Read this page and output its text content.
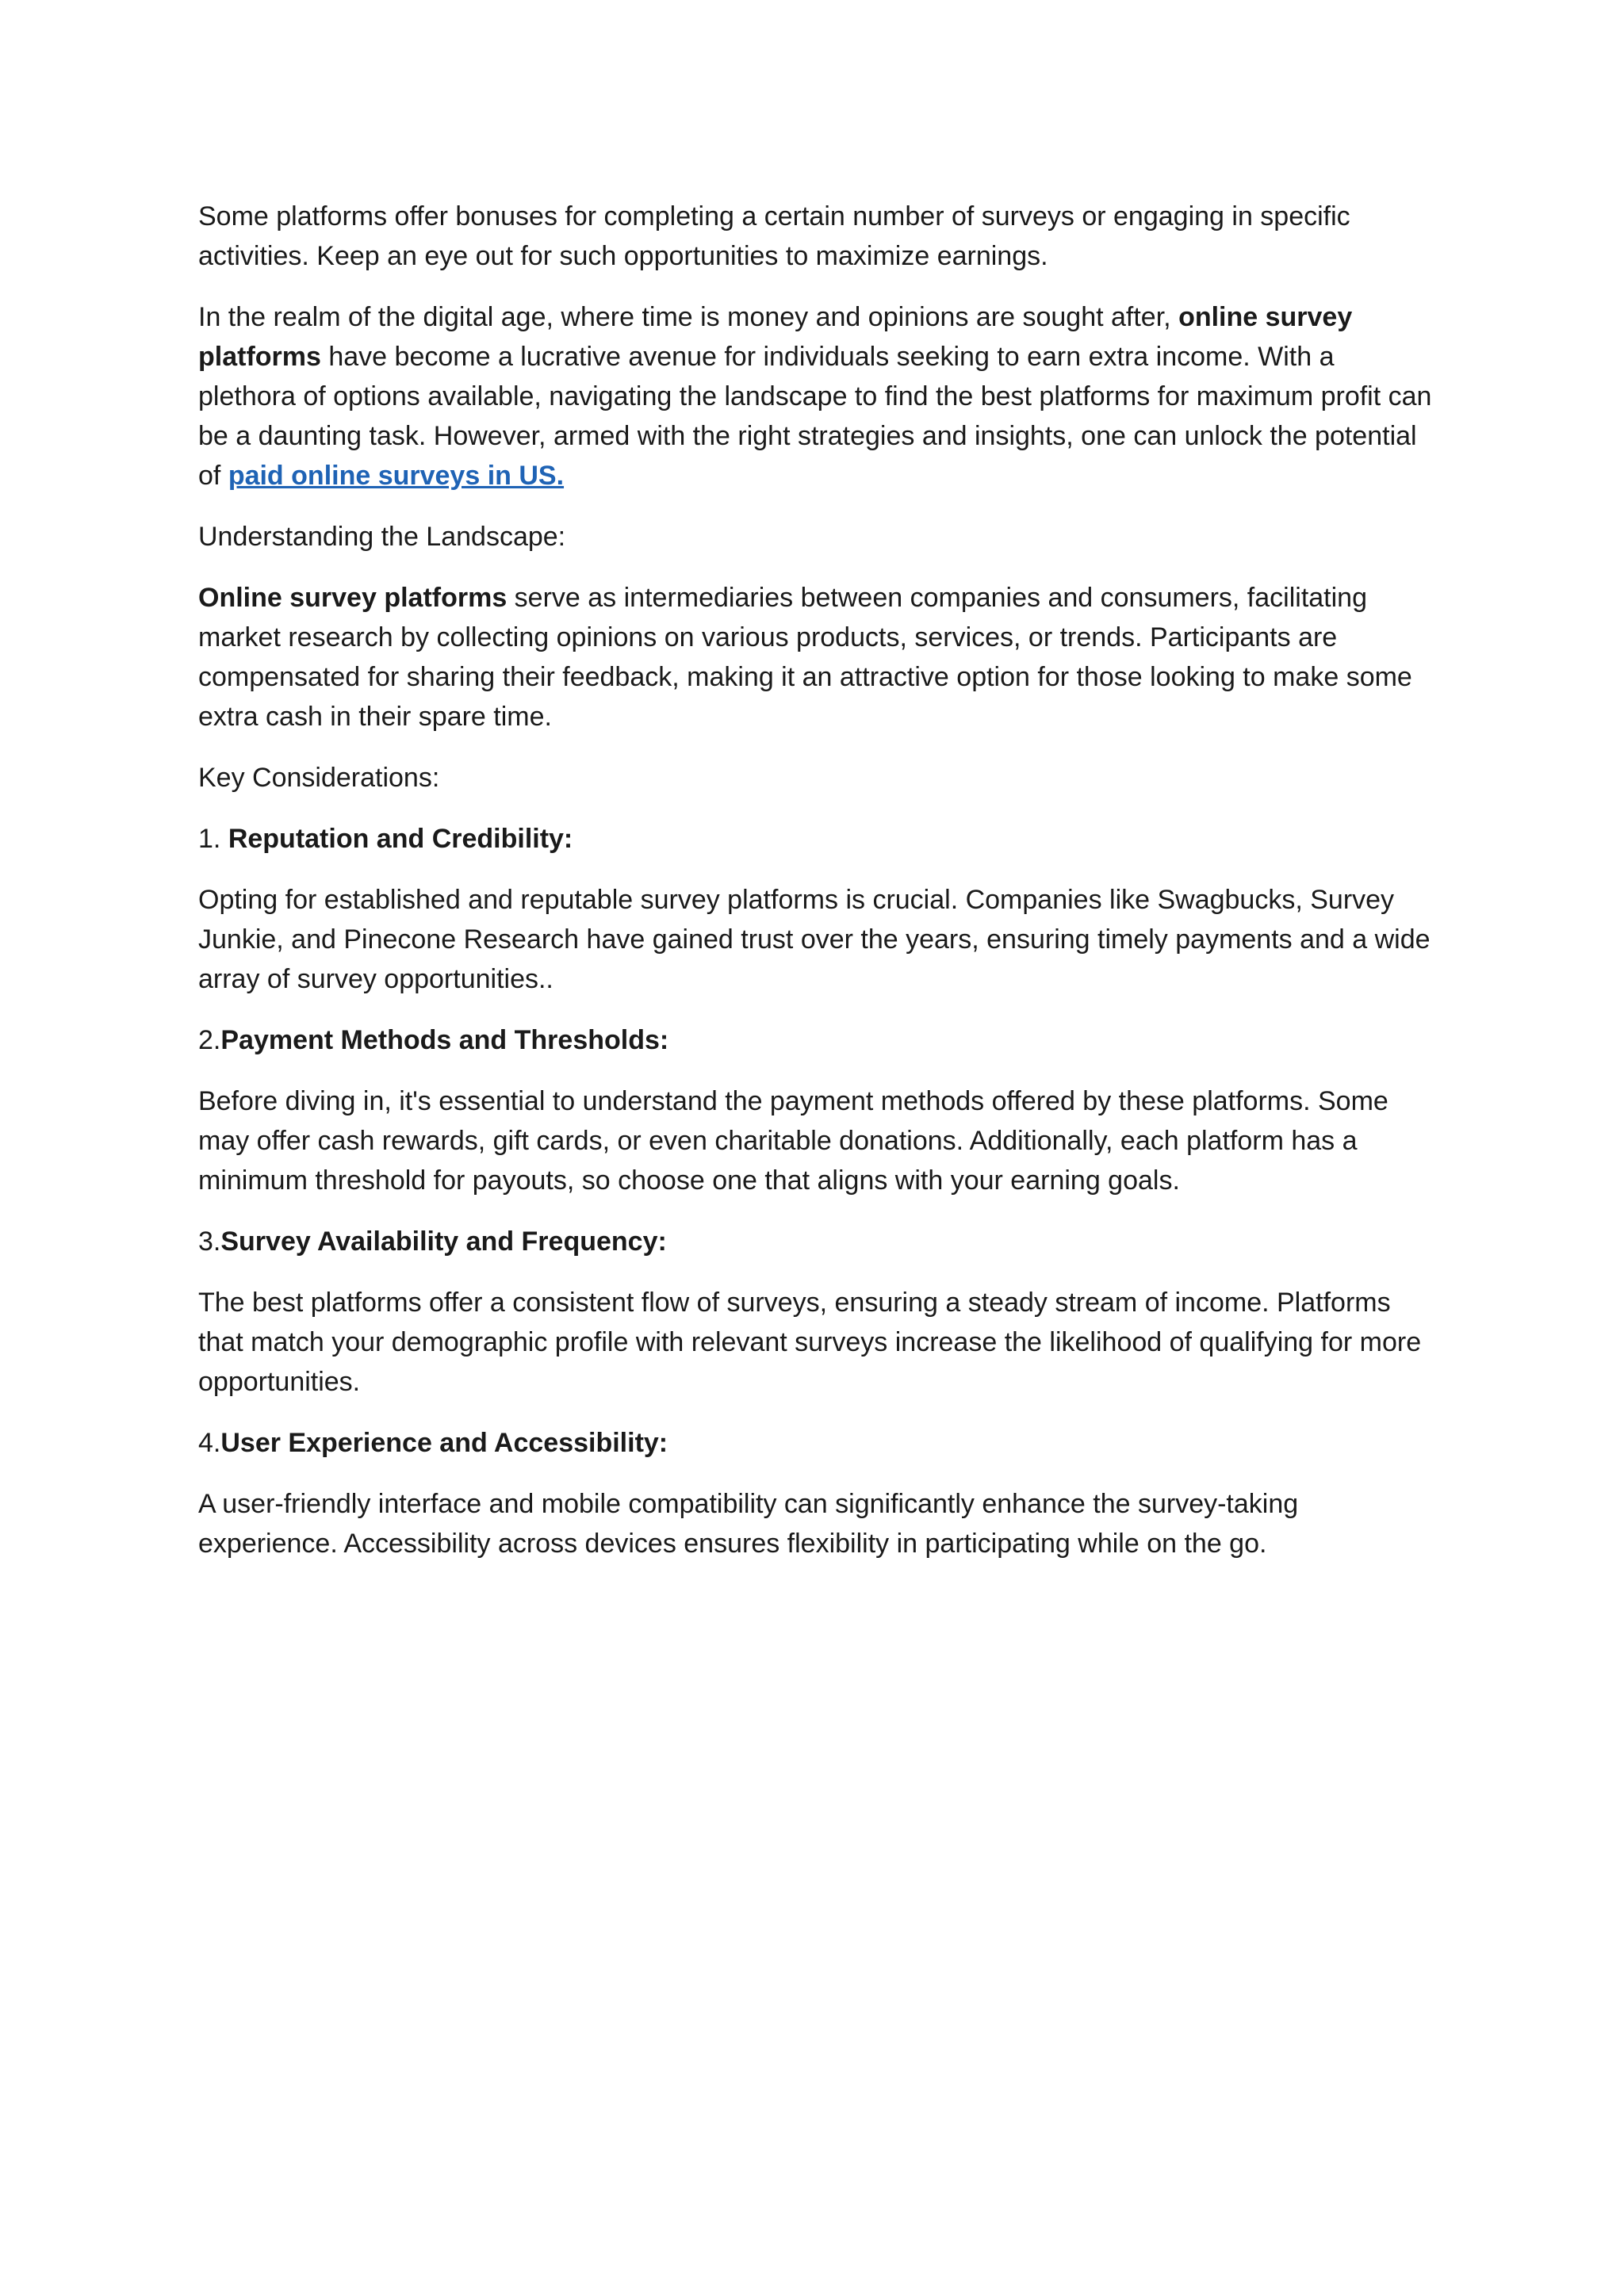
Some platforms offer bonuses for completing a certain number of surveys or engaging in specific activities. Keep an eye out for such opportunities to maximize earnings.

In the realm of the digital age, where time is money and opinions are sought after, online survey platforms have become a lucrative avenue for individuals seeking to earn extra income. With a plethora of options available, navigating the landscape to find the best platforms for maximum profit can be a daunting task. However, armed with the right strategies and insights, one can unlock the potential of paid online surveys in US.

Understanding the Landscape:

Online survey platforms serve as intermediaries between companies and consumers, facilitating market research by collecting opinions on various products, services, or trends. Participants are compensated for sharing their feedback, making it an attractive option for those looking to make some extra cash in their spare time.

Key Considerations:

1. Reputation and Credibility:

Opting for established and reputable survey platforms is crucial. Companies like Swagbucks, Survey Junkie, and Pinecone Research have gained trust over the years, ensuring timely payments and a wide array of survey opportunities..

2.Payment Methods and Thresholds:

Before diving in, it's essential to understand the payment methods offered by these platforms. Some may offer cash rewards, gift cards, or even charitable donations. Additionally, each platform has a minimum threshold for payouts, so choose one that aligns with your earning goals.

3.Survey Availability and Frequency:

The best platforms offer a consistent flow of surveys, ensuring a steady stream of income. Platforms that match your demographic profile with relevant surveys increase the likelihood of qualifying for more opportunities.

4.User Experience and Accessibility:

A user-friendly interface and mobile compatibility can significantly enhance the survey-taking experience. Accessibility across devices ensures flexibility in participating while on the go.
